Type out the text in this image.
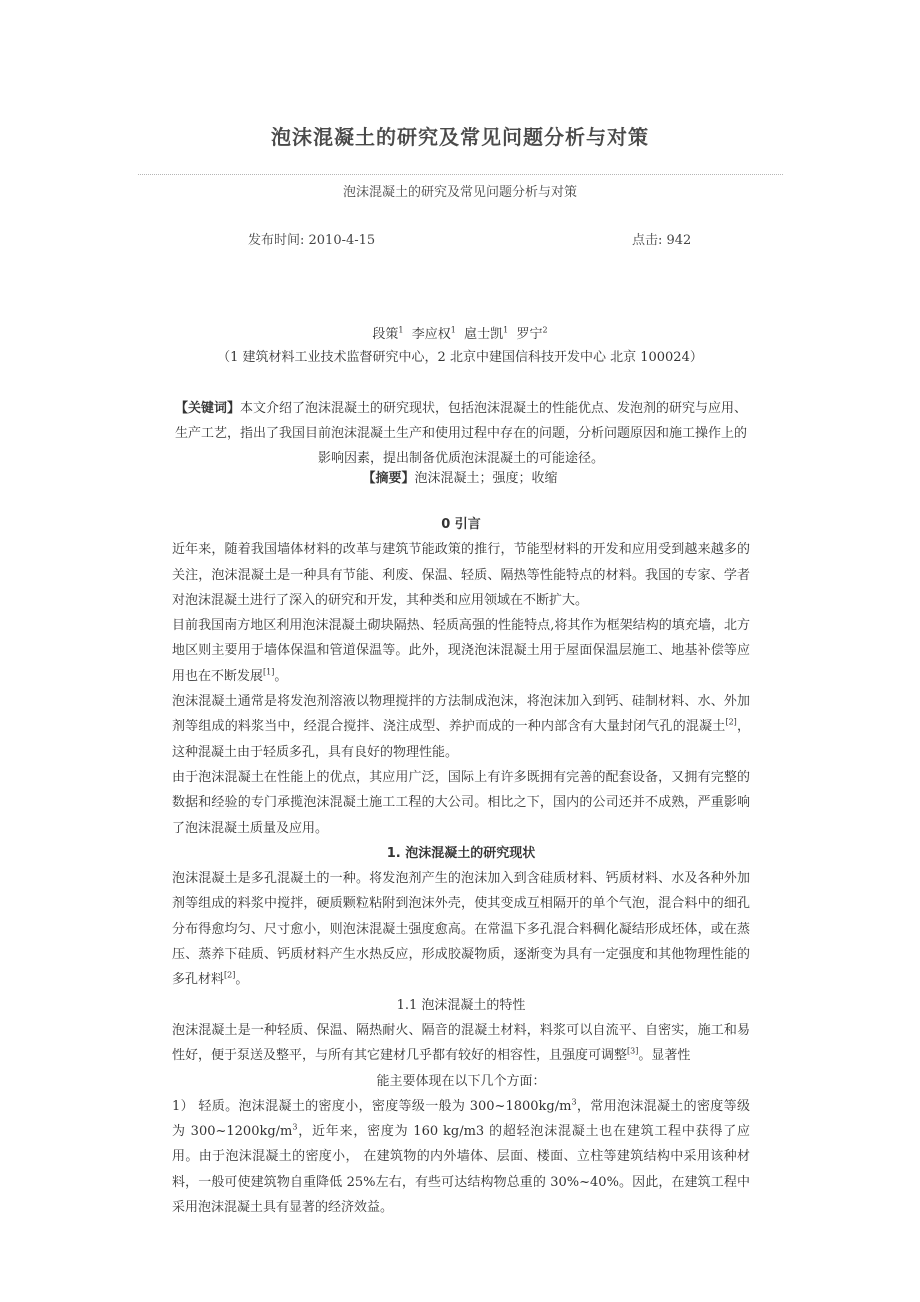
泡沫混凝土的研究及常见问题分析与对策
泡沫混凝土的研究及常见问题分析与对策
发布时间: 2010-4-15	点击: 942
段策$^1$ 李应权$^1$ 扈士凯$^1$ 罗宁$^2$
（1 建筑材料工业技术监督研究中心，2 北京中建国信科技开发中心 北京 100024）
【关键词】本文介绍了泡沫混凝土的研究现状，包括泡沫混凝土的性能优点、发泡剂的研究与应用、生产工艺，指出了我国目前泡沫混凝土生产和使用过程中存在的问题，分析问题原因和施工操作上的影响因素，提出制备优质泡沫混凝土的可能途径。
【摘要】泡沫混凝土；强度；收缩
0 引言

近年来，随着我国墙体材料的改革与建筑节能政策的推行，节能型材料的开发和应用受到越来越多的关注，泡沫混凝土是一种具有节能、利废、保温、轻质、隔热等性能特点的材料。我国的专家、学者对泡沫混凝土进行了深入的研究和开发，其种类和应用领域在不断扩大。

目前我国南方地区利用泡沫混凝土砌块隔热、轻质高强的性能特点,将其作为框架结构的填充墙，北方地区则主要用于墙体保温和管道保温等。此外，现浇泡沫混凝土用于屋面保温层施工、地基补偿等应用也在不断发展[1]。

泡沫混凝土通常是将发泡剂溶液以物理搅拌的方法制成泡沫，将泡沫加入到钙、硅制材料、水、外加剂等组成的料浆当中，经混合搅拌、浇注成型、养护而成的一种内部含有大量封闭气孔的混凝土[2]，这种混凝土由于轻质多孔，具有良好的物理性能。

由于泡沫混凝土在性能上的优点，其应用广泛，国际上有许多既拥有完善的配套设备，又拥有完整的数据和经验的专门承揽泡沫混凝土施工工程的大公司。相比之下，国内的公司还并不成熟，严重影响了泡沫混凝土质量及应用。

1. 泡沫混凝土的研究现状

泡沫混凝土是多孔混凝土的一种。将发泡剂产生的泡沫加入到含硅质材料、钙质材料、水及各种外加剂等组成的料浆中搅拌，硬质颗粒粘附到泡沫外壳，使其变成互相隔开的单个气泡，混合料中的细孔分布得愈均匀、尺寸愈小，则泡沫混凝土强度愈高。在常温下多孔混合料稠化凝结形成坯体，或在蒸压、蒸养下硅质、钙质材料产生水热反应，形成胶凝物质，逐渐变为具有一定强度和其他物理性能的多孔材料[2]。

1.1 泡沫混凝土的特性

泡沫混凝土是一种轻质、保温、隔热耐火、隔音的混凝土材料，料浆可以自流平、自密实，施工和易性好，便于泵送及整平，与所有其它建材几乎都有较好的相容性，且强度可调整[3]。显著性

能主要体现在以下几个方面：

1） 轻质。泡沫混凝土的密度小，密度等级一般为 $300\sim 1800kg/m^3$，常用泡沫混凝土的密度等级为 $300\sim 1200kg/m^3$，近年来，密度为 160 kg/m3 的超轻泡沫混凝土也在建筑工程中获得了应用。由于泡沫混凝土的密度小， 在建筑物的内外墙体、层面、楼面、立柱等建筑结构中采用该种材料，一般可使建筑物自重降低 25%左右，有些可达结构物总重的 30%~40%。因此，在建筑工程中采用泡沫混凝土具有显著的经济效益。
